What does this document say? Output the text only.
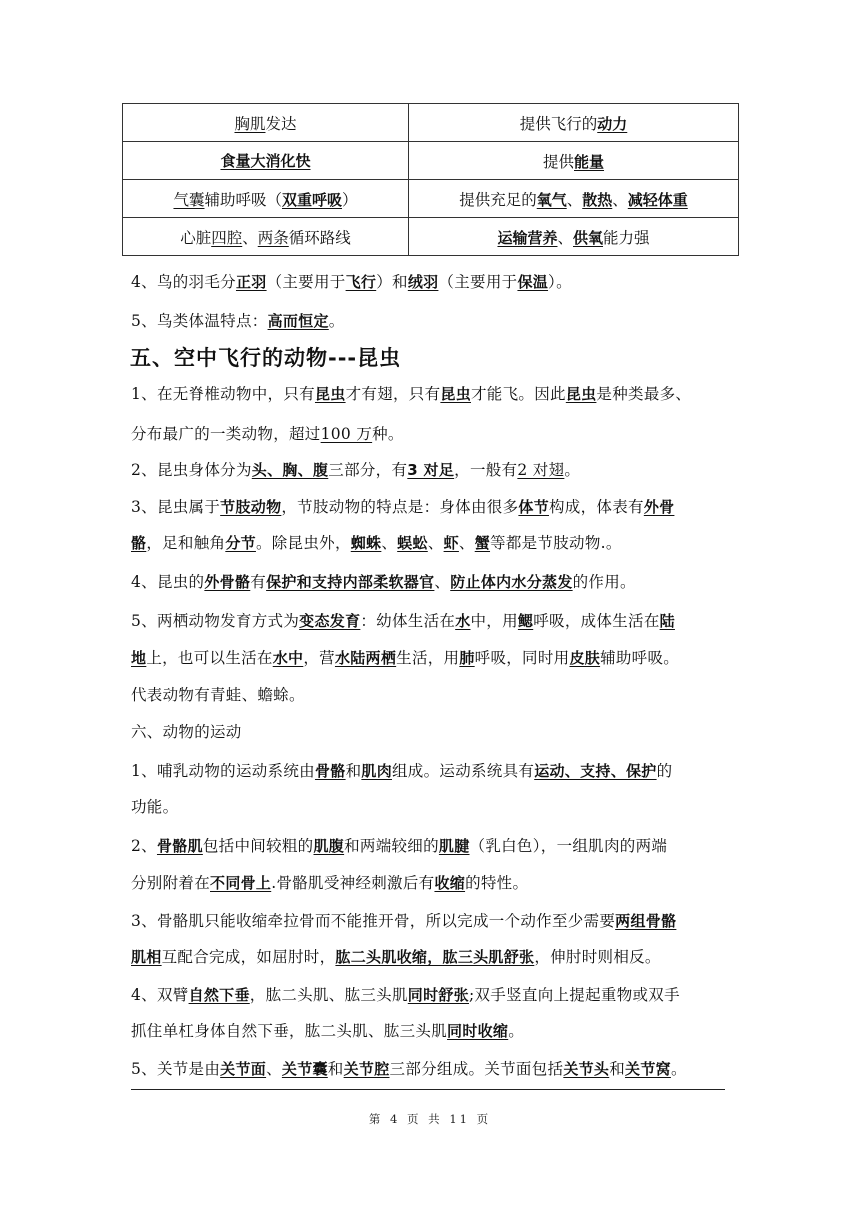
胸肌发达	提供飞行的动力
食量大消化快	提供能量
气囊辅助呼吸（双重呼吸）	提供充足的氧气、散热、减轻体重
心脏四腔、两条循环路线	运输营养、供氧能力强
4、鸟的羽毛分正羽（主要用于飞行）和绒羽（主要用于保温）。
5、鸟类体温特点：高而恒定。
五、空中飞行的动物---昆虫
1、在无脊椎动物中，只有昆虫才有翅，只有昆虫才能飞。因此昆虫是种类最多、
分布最广的一类动物，超过100 万种。
2、昆虫身体分为头、胸、腹三部分，有3 对足，一般有2 对翅。
3、昆虫属于节肢动物，节肢动物的特点是：身体由很多体节构成，体表有外骨
骼，足和触角分节。除昆虫外，蜘蛛、蜈蚣、虾、蟹等都是节肢动物.。
4、昆虫的外骨骼有保护和支持内部柔软器官、防止体内水分蒸发的作用。
5、两栖动物发育方式为变态发育：幼体生活在水中，用鳃呼吸，成体生活在陆
地上，也可以生活在水中，营水陆两栖生活，用肺呼吸，同时用皮肤辅助呼吸。
代表动物有青蛙、蟾蜍。
六、动物的运动
1、哺乳动物的运动系统由骨骼和肌肉组成。运动系统具有运动、支持、保护的
功能。
2、骨骼肌包括中间较粗的肌腹和两端较细的肌腱（乳白色），一组肌肉的两端
分别附着在不同骨上.骨骼肌受神经刺激后有收缩的特性。
3、骨骼肌只能收缩牵拉骨而不能推开骨，所以完成一个动作至少需要两组骨骼
肌相互配合完成，如屈肘时，肱二头肌收缩，肱三头肌舒张，伸肘时则相反。
4、双臂自然下垂，肱二头肌、肱三头肌同时舒张;双手竖直向上提起重物或双手
抓住单杠身体自然下垂，肱二头肌、肱三头肌同时收缩。
5、关节是由关节面、关节囊和关节腔三部分组成。关节面包括关节头和关节窝。
第 4 页 共 11 页
